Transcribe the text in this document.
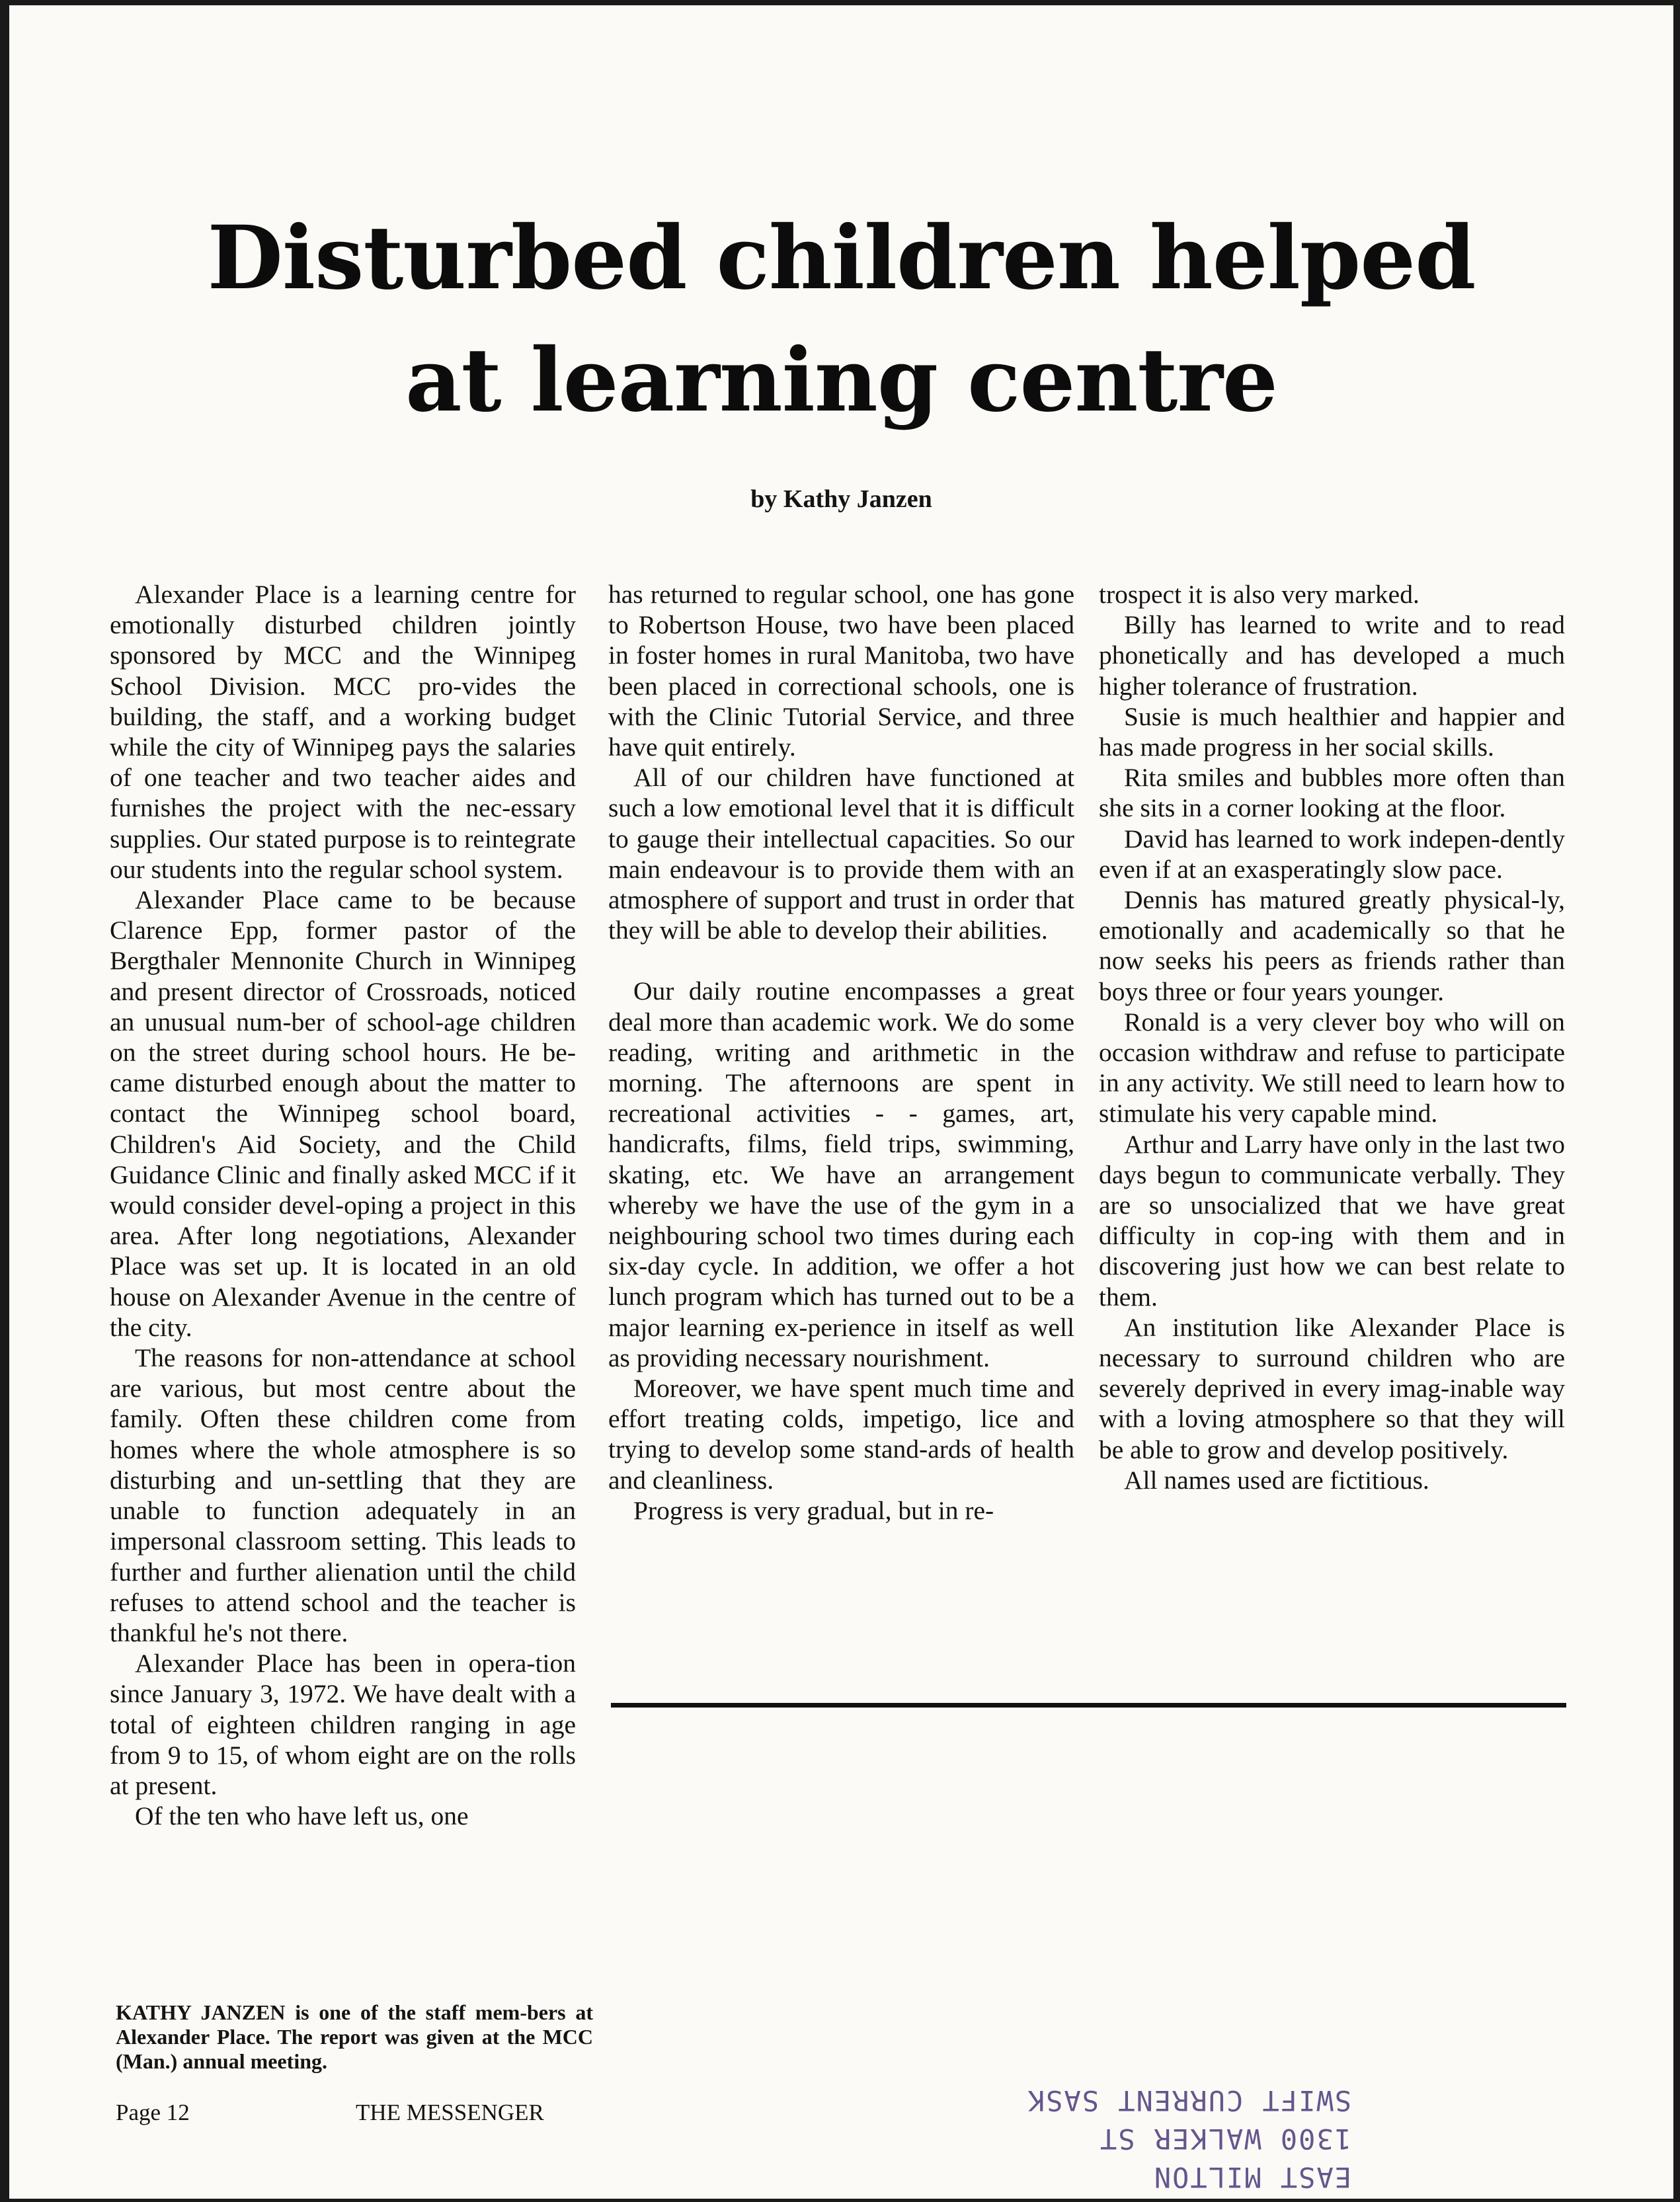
Disturbed children helped
at learning centre
by Kathy Janzen

Alexander Place is a learning centre for emotionally disturbed children jointly sponsored by MCC and the Winnipeg School Division. MCC pro-vides the building, the staff, and a working budget while the city of Winnipeg pays the salaries of one teacher and two teacher aides and furnishes the project with the nec-essary supplies. Our stated purpose is to reintegrate our students into the regular school system.

Alexander Place came to be because Clarence Epp, former pastor of the Bergthaler Mennonite Church in Winnipeg and present director of Crossroads, noticed an unusual num-ber of school-age children on the street during school hours. He be-came disturbed enough about the matter to contact the Winnipeg school board, Children's Aid Society, and the Child Guidance Clinic and finally asked MCC if it would consider devel-oping a project in this area. After long negotiations, Alexander Place was set up. It is located in an old house on Alexander Avenue in the centre of the city.

The reasons for non-attendance at school are various, but most centre about the family. Often these children come from homes where the whole atmosphere is so disturbing and un-settling that they are unable to function adequately in an impersonal classroom setting. This leads to further and further alienation until the child refuses to attend school and the teacher is thankful he's not there.

Alexander Place has been in opera-tion since January 3, 1972. We have dealt with a total of eighteen children ranging in age from 9 to 15, of whom eight are on the rolls at present.

Of the ten who have left us, one

has returned to regular school, one has gone to Robertson House, two have been placed in foster homes in rural Manitoba, two have been placed in correctional schools, one is with the Clinic Tutorial Service, and three have quit entirely.

All of our children have functioned at such a low emotional level that it is difficult to gauge their intellectual capacities. So our main endeavour is to provide them with an atmosphere of support and trust in order that they will be able to develop their abilities.

Our daily routine encompasses a great deal more than academic work. We do some reading, writing and arithmetic in the morning. The afternoons are spent in recreational activities - - games, art, handicrafts, films, field trips, swimming, skating, etc. We have an arrangement whereby we have the use of the gym in a neighbouring school two times during each six-day cycle. In addition, we offer a hot lunch program which has turned out to be a major learning ex-perience in itself as well as providing necessary nourishment.

Moreover, we have spent much time and effort treating colds, impetigo, lice and trying to develop some stand-ards of health and cleanliness.

Progress is very gradual, but in re-

trospect it is also very marked.

Billy has learned to write and to read phonetically and has developed a much higher tolerance of frustration.

Susie is much healthier and happier and has made progress in her social skills.

Rita smiles and bubbles more often than she sits in a corner looking at the floor.

David has learned to work indepen-dently even if at an exasperatingly slow pace.

Dennis has matured greatly physical-ly, emotionally and academically so that he now seeks his peers as friends rather than boys three or four years younger.

Ronald is a very clever boy who will on occasion withdraw and refuse to participate in any activity. We still need to learn how to stimulate his very capable mind.

Arthur and Larry have only in the last two days begun to communicate verbally. They are so unsocialized that we have great difficulty in cop-ing with them and in discovering just how we can best relate to them.

An institution like Alexander Place is necessary to surround children who are severely deprived in every imag-inable way with a loving atmosphere so that they will be able to grow and develop positively.

All names used are fictitious.

KATHY JANZEN is one of the staff mem-bers at Alexander Place. The report was given at the MCC (Man.) annual meeting.
Page 12	THE MESSENGER
EAST MILTON
1300 WALKER ST
SWIFT CURRENT SASK
